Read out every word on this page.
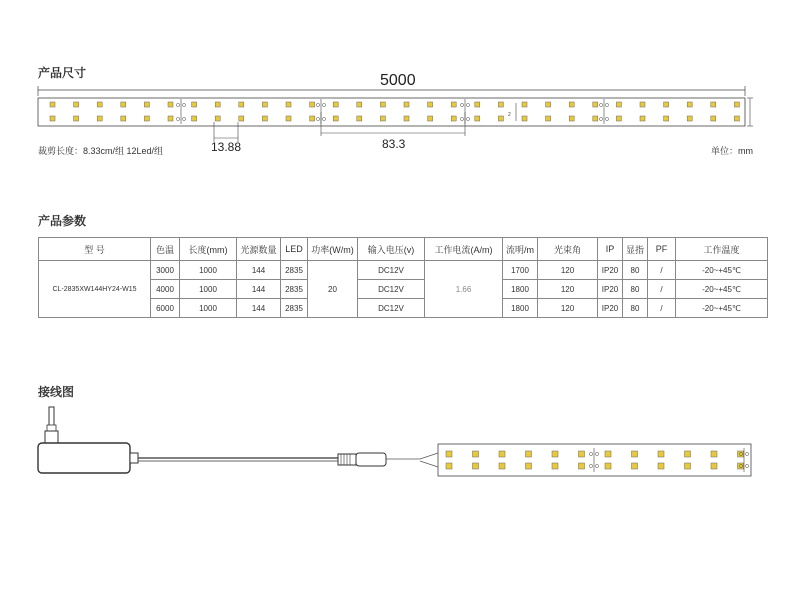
产品尺寸	5000
2
13.88	83.3
裁剪长度：8.33cm/组 12Led/组	单位：mm
产品参数
型 号	色温	长度(mm)	光源数量	LED	功率(W/m)	输入电压(v)	工作电流(A/m)	流明/m	光束角	IP	显指	PF	工作温度
CL-2835XW144HY24-W15	3000	1000	144	2835	20	DC12V	1.66	1700	120	IP20	80	/	-20~+45℃
	4000	1000	144	2835		DC12V		1800	120	IP20	80	/	-20~+45℃
	6000	1000	144	2835		DC12V		1800	120	IP20	80	/	-20~+45℃
接线图
